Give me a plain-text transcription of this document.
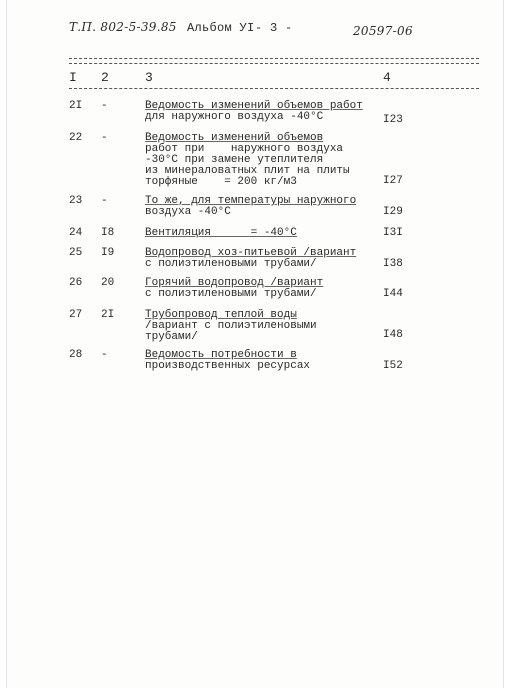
Т.П. 802-5-39.85 Альбом УI - 3 -	20597-06
I 2	3	4
2I	-	Ведомость изменений объемов работ
для наружного воздуха -40°С	I23
22	-	Ведомость изменений объемов
работ при    наружного воздуха
-30°С при замене утеплителя
из минераловатных плит на плиты
торфяные    = 200 кг/м3	I27
23	-	То же, для температуры наружного
воздуха -40°С	I29
24	I8	Вентиляция      = -40°С	I3I
25	I9	Водопровод хоз-питьевой /вариант
с полиэтиленовыми трубами/	I38
26	20	Горячий водопровод /вариант
с полиэтиленовыми трубами/	I44
27	2I	Трубопровод теплой воды
/вариант с полиэтиленовыми
трубами/	I48
28	-	Ведомость потребности в
производственных ресурсах	I52
